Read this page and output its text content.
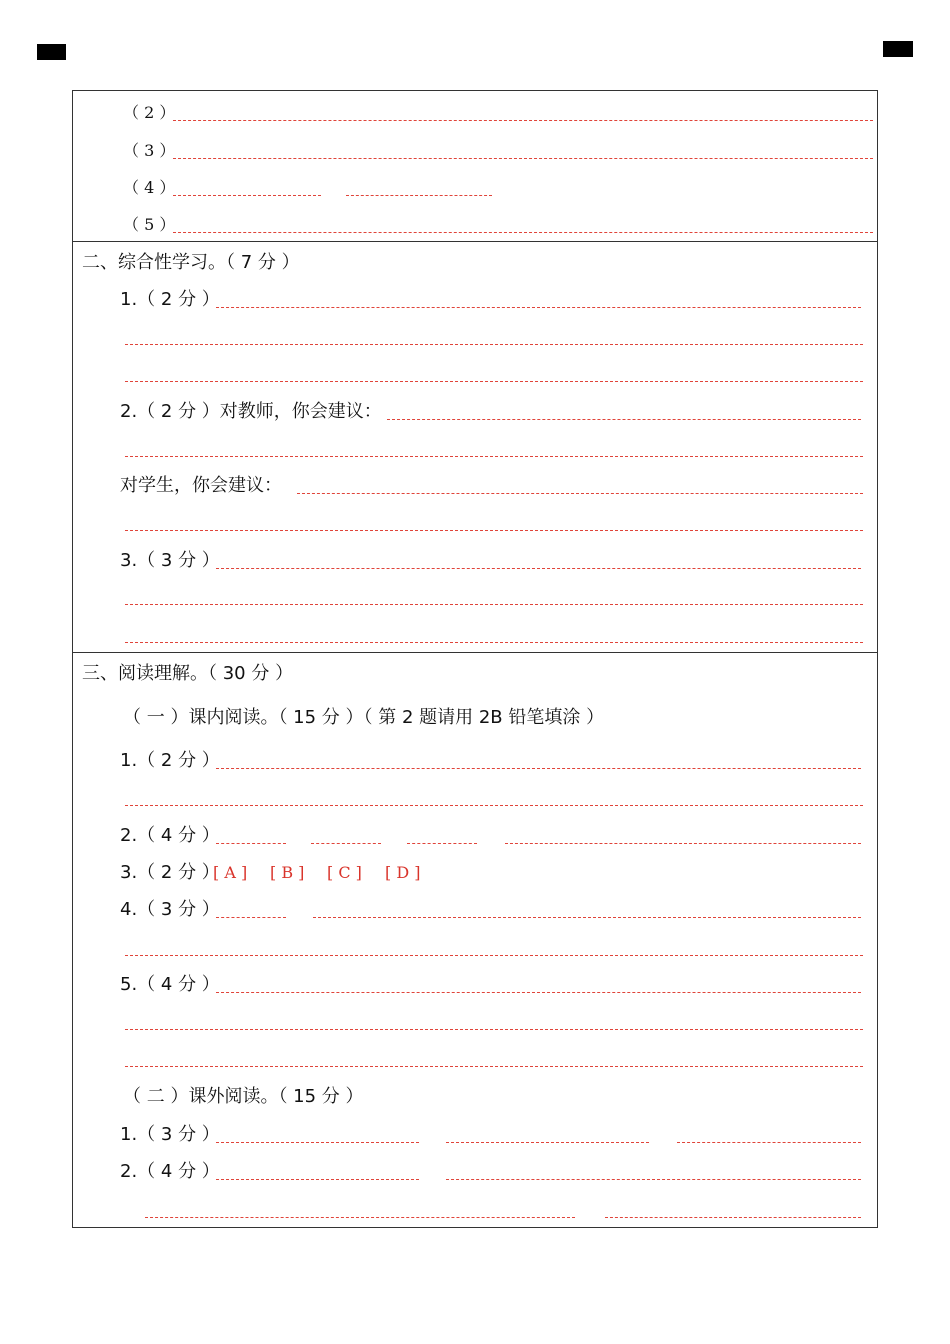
（ 2 ）
（ 3 ）
（ 4 ）
（ 5 ）
二、综合性学习。（ 7 分 ）
1.（ 2 分 ）
2.（ 2 分 ）对教师，你会建议：
对学生，你会建议：
3.（ 3 分 ）
三、阅读理解。（ 30 分 ）
（ 一 ）课内阅读。（ 15 分 ）（ 第 2 题请用 2B 铅笔填涂 ）
1.（ 2 分 ）
2.（ 4 分 ）
3.（ 2 分 ）
[ A ] [ B ] [ C ] [ D ]
4.（ 3 分 ）
5.（ 4 分 ）
（ 二 ）课外阅读。（ 15 分 ）
1.（ 3 分 ）
2.（ 4 分 ）
